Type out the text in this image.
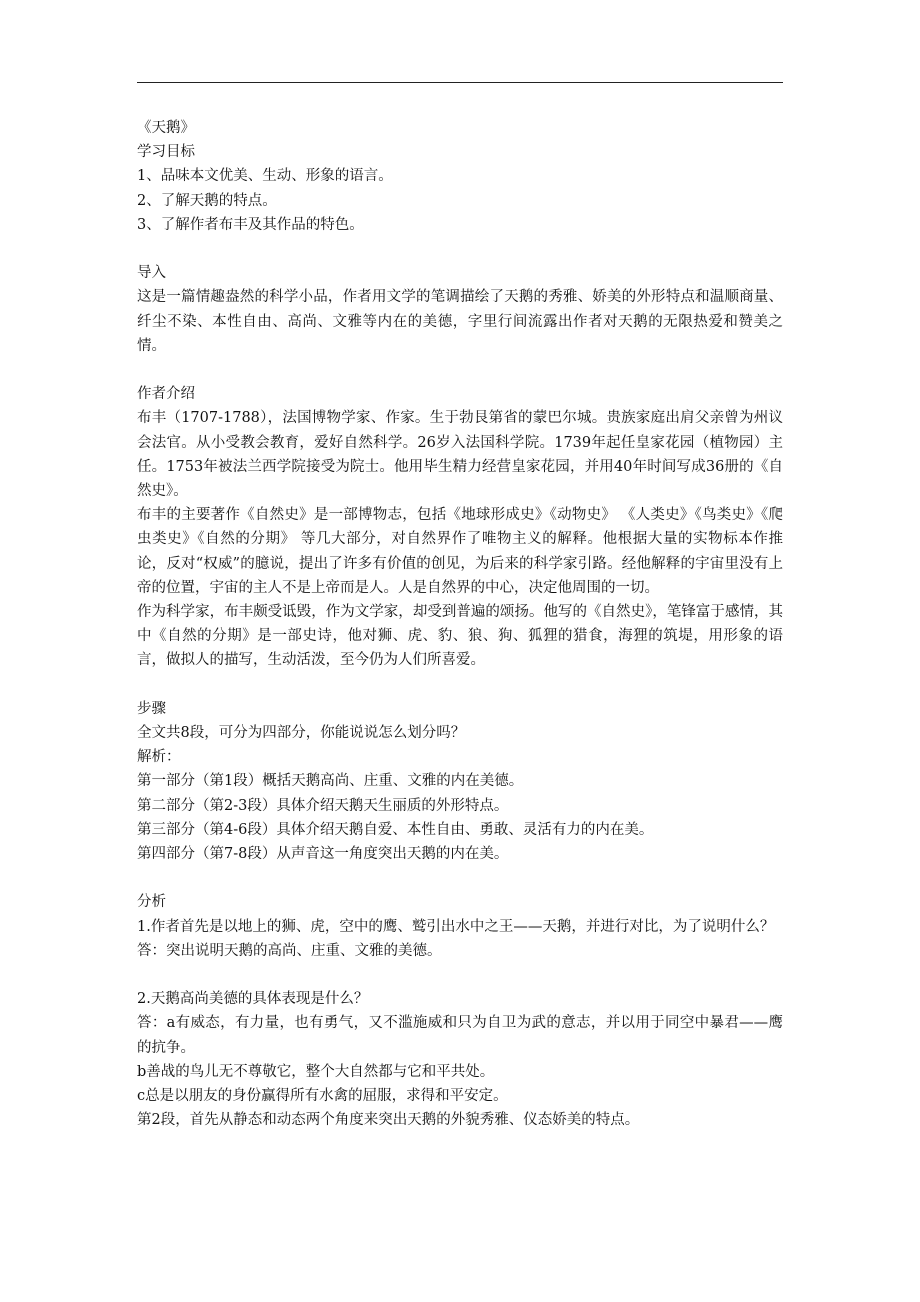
《天鹅》

学习目标

1、品味本文优美、生动、形象的语言。

2、了解天鹅的特点。

3、了解作者布丰及其作品的特色。

导入

这是一篇情趣盎然的科学小品，作者用文学的笔调描绘了天鹅的秀雅、娇美的外形特点和温顺商量、纤尘不染、本性自由、高尚、文雅等内在的美德，字里行间流露出作者对天鹅的无限热爱和赞美之情。

作者介绍

布丰（1707-1788），法国博物学家、作家。生于勃艮第省的蒙巴尔城。贵族家庭出肩父亲曾为州议会法官。从小受教会教育，爱好自然科学。26岁入法国科学院。1739年起任皇家花园（植物园）主任。1753年被法兰西学院接受为院士。他用毕生精力经营皇家花园，并用40年时间写成36册的《自然史》。

布丰的主要著作《自然史》是一部博物志，包括《地球形成史》《动物史》 《人类史》《鸟类史》《爬虫类史》《自然的分期》 等几大部分，对自然界作了唯物主义的解释。他根据大量的实物标本作推论，反对“权威”的臆说，提出了许多有价值的创见，为后来的科学家引路。经他解释的宇宙里没有上帝的位置，宇宙的主人不是上帝而是人。人是自然界的中心，决定他周围的一切。

作为科学家，布丰颇受诋毁，作为文学家，却受到普遍的颂扬。他写的《自然史》，笔锋富于感情，其中《自然的分期》是一部史诗，他对狮、虎、豹、狼、狗、狐狸的猎食，海狸的筑堤，用形象的语言，做拟人的描写，生动活泼，至今仍为人们所喜爱。

步骤

全文共8段，可分为四部分，你能说说怎么划分吗？

解析：

第一部分（第1段）概括天鹅高尚、庄重、文雅的内在美德。

第二部分（第2-3段）具体介绍天鹅天生丽质的外形特点。

第三部分（第4-6段）具体介绍天鹅自爱、本性自由、勇敢、灵活有力的内在美。

第四部分（第7-8段）从声音这一角度突出天鹅的内在美。

分析

1.作者首先是以地上的狮、虎，空中的鹰、鹫引出水中之王——天鹅，并进行对比，为了说明什么？

答：突出说明天鹅的高尚、庄重、文雅的美德。

2.天鹅高尚美德的具体表现是什么？

答：a有威态，有力量，也有勇气，又不滥施威和只为自卫为武的意志，并以用于同空中暴君——鹰的抗争。

b善战的鸟儿无不尊敬它，整个大自然都与它和平共处。

c总是以朋友的身份赢得所有水禽的屈服，求得和平安定。

第2段，首先从静态和动态两个角度来突出天鹅的外貌秀雅、仪态娇美的特点。
